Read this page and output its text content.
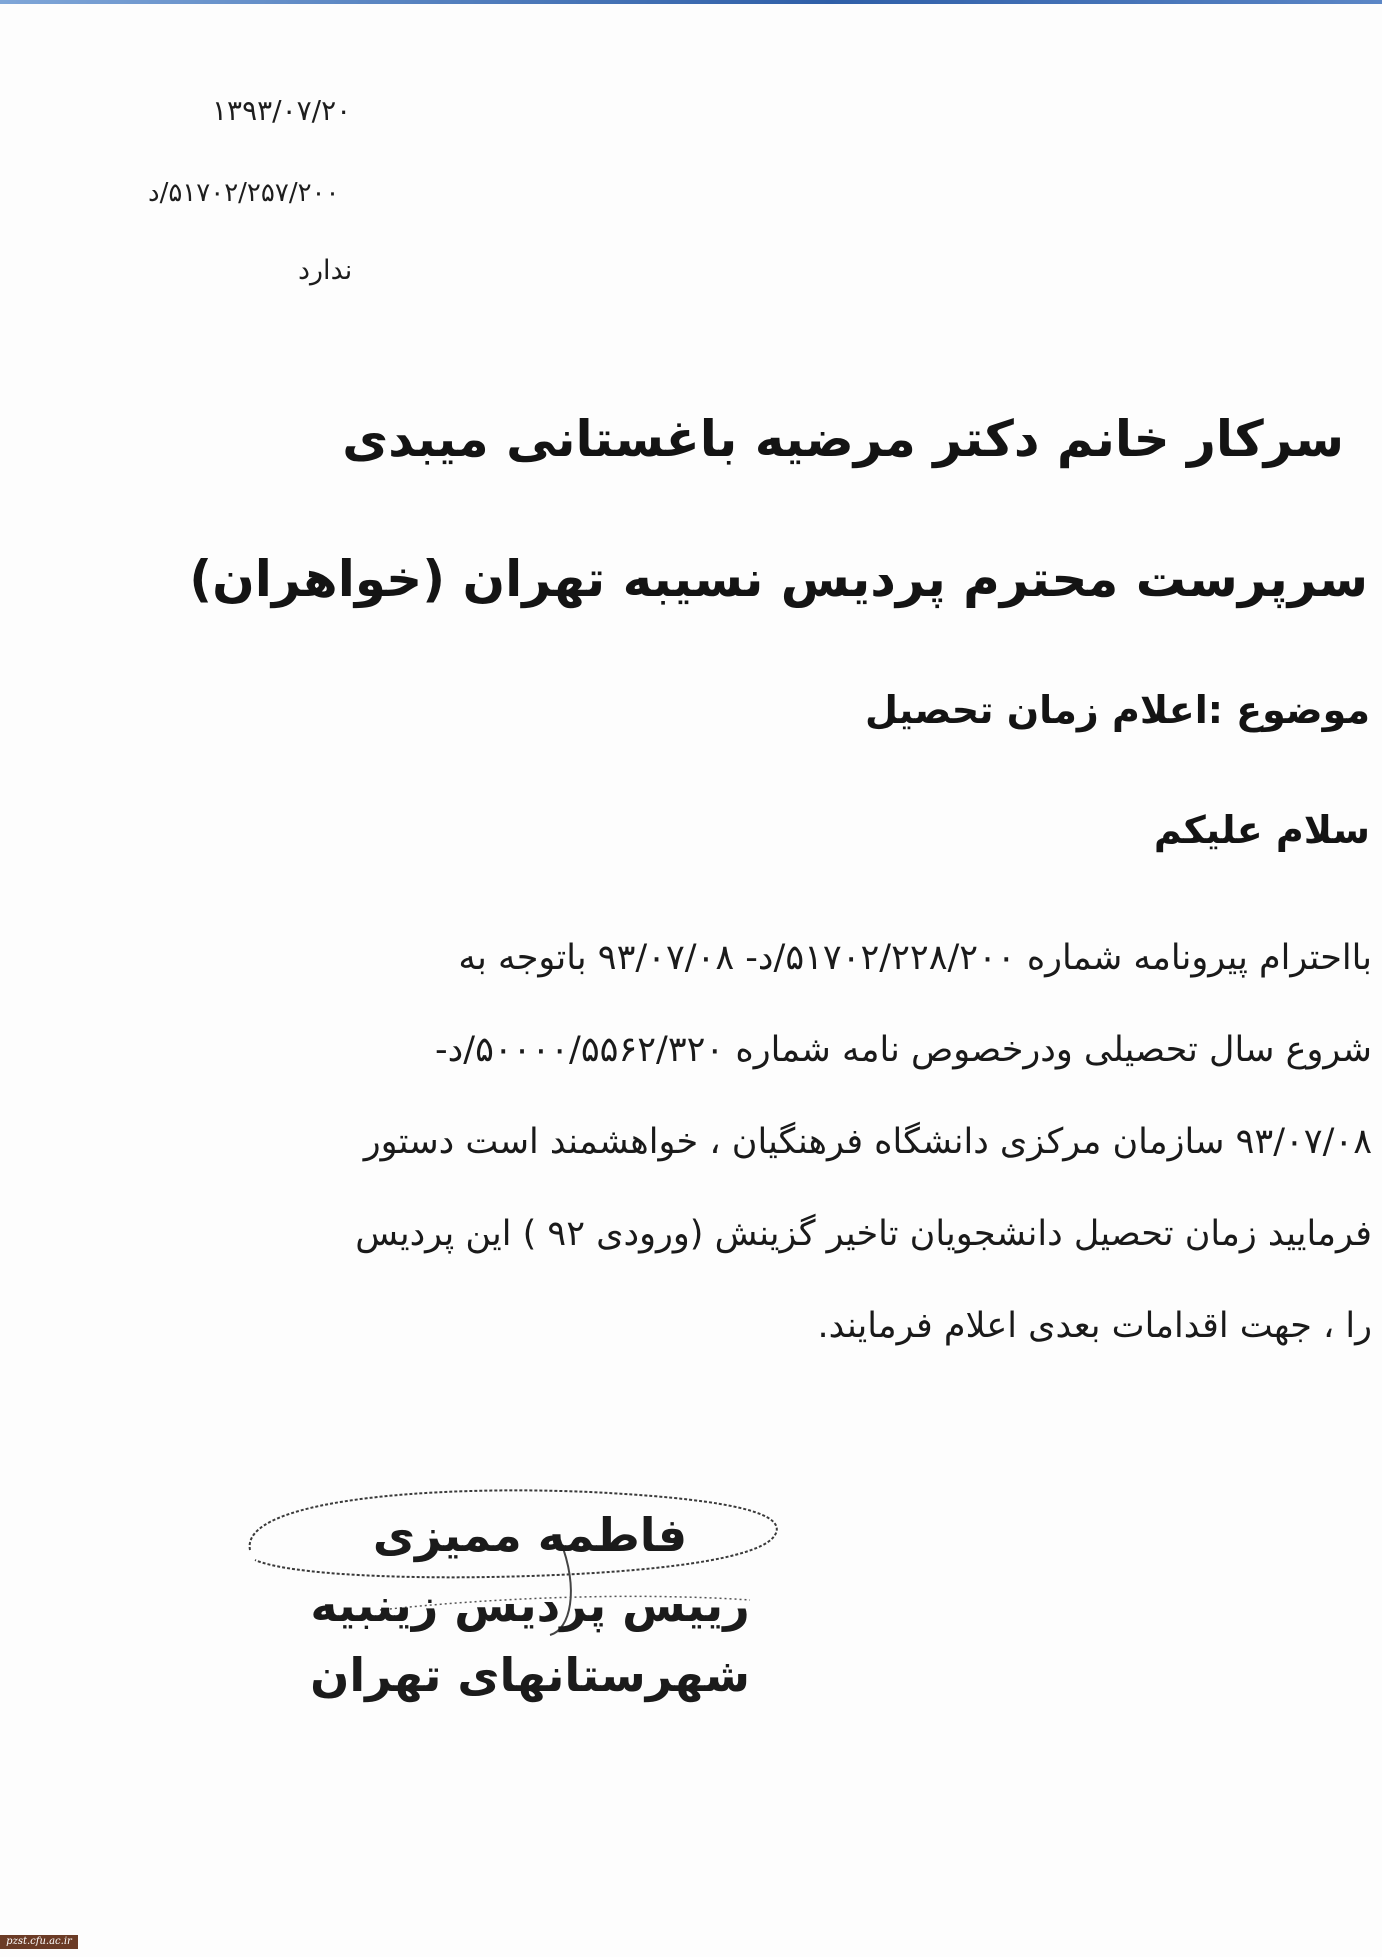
۱۳۹۳/۰۷/۲۰
۵۱۷۰۲/۲۵۷/۲۰۰/د
ندارد
سرکار خانم دکتر مرضیه باغستانی میبدی
سرپرست محترم پردیس نسیبه تهران (خواهران)
موضوع :اعلام زمان تحصیل
سلام علیکم
بااحترام پیرونامه شماره ۵۱۷۰۲/۲۲۸/۲۰۰/د- ۹۳/۰۷/۰۸ باتوجه به
شروع سال تحصیلی ودرخصوص نامه شماره ۵۰۰۰۰/۵۵۶۲/۳۲۰/د-
۹۳/۰۷/۰۸ سازمان مرکزی دانشگاه فرهنگیان ، خواهشمند است دستور
فرمایید زمان تحصیل دانشجویان تاخیر گزینش (ورودی ۹۲ ) این پردیس
را ، جهت اقدامات بعدی اعلام فرمایند.
فاطمه ممیزی
رییس پردیس زینبیه
شهرستانهای تهران
pzst.cfu.ac.ir
